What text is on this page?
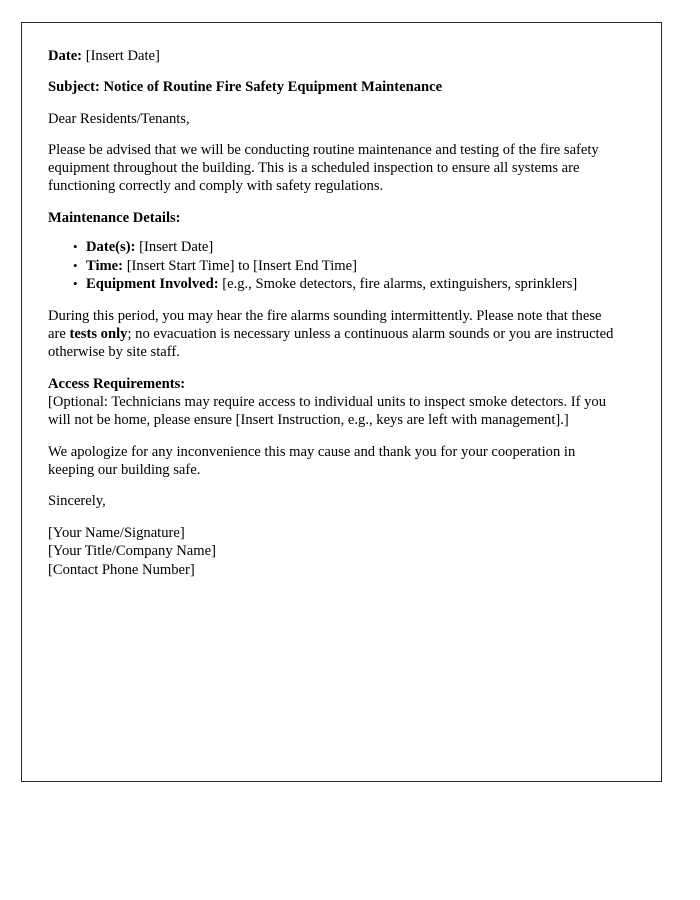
Date: [Insert Date]

Subject: Notice of Routine Fire Safety Equipment Maintenance

Dear Residents/Tenants,

Please be advised that we will be conducting routine maintenance and testing of the fire safety equipment throughout the building. This is a scheduled inspection to ensure all systems are functioning correctly and comply with safety regulations.

Maintenance Details:

• Date(s): [Insert Date]
• Time: [Insert Start Time] to [Insert End Time]
• Equipment Involved: [e.g., Smoke detectors, fire alarms, extinguishers, sprinklers]

During this period, you may hear the fire alarms sounding intermittently. Please note that these are tests only; no evacuation is necessary unless a continuous alarm sounds or you are instructed otherwise by site staff.

Access Requirements:

[Optional: Technicians may require access to individual units to inspect smoke detectors. If you will not be home, please ensure [Insert Instruction, e.g., keys are left with management].]

We apologize for any inconvenience this may cause and thank you for your cooperation in keeping our building safe.

Sincerely,

[Your Name/Signature]
[Your Title/Company Name]
[Contact Phone Number]
